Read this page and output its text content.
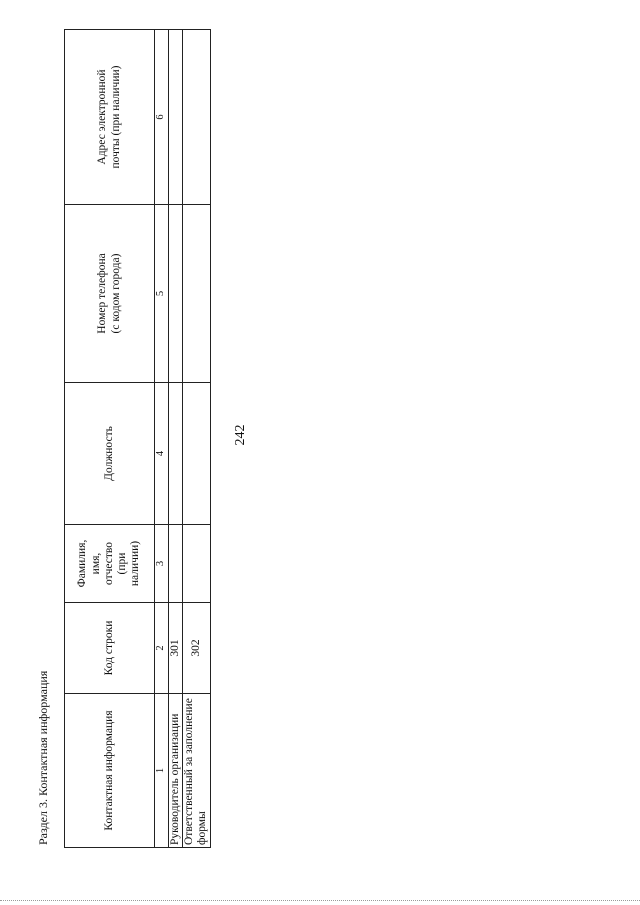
242
Раздел 3. Контактная информация	Контактная информация	Код строки	Фамилия,
имя,
отчество
(при
наличии)	Должность	Номер телефона
(с кодом города)	Адрес электронной
почты (при наличии)
1	2	3	4	5	6
Руководитель организации	301				
Ответственный за заполнение
формы	302				
